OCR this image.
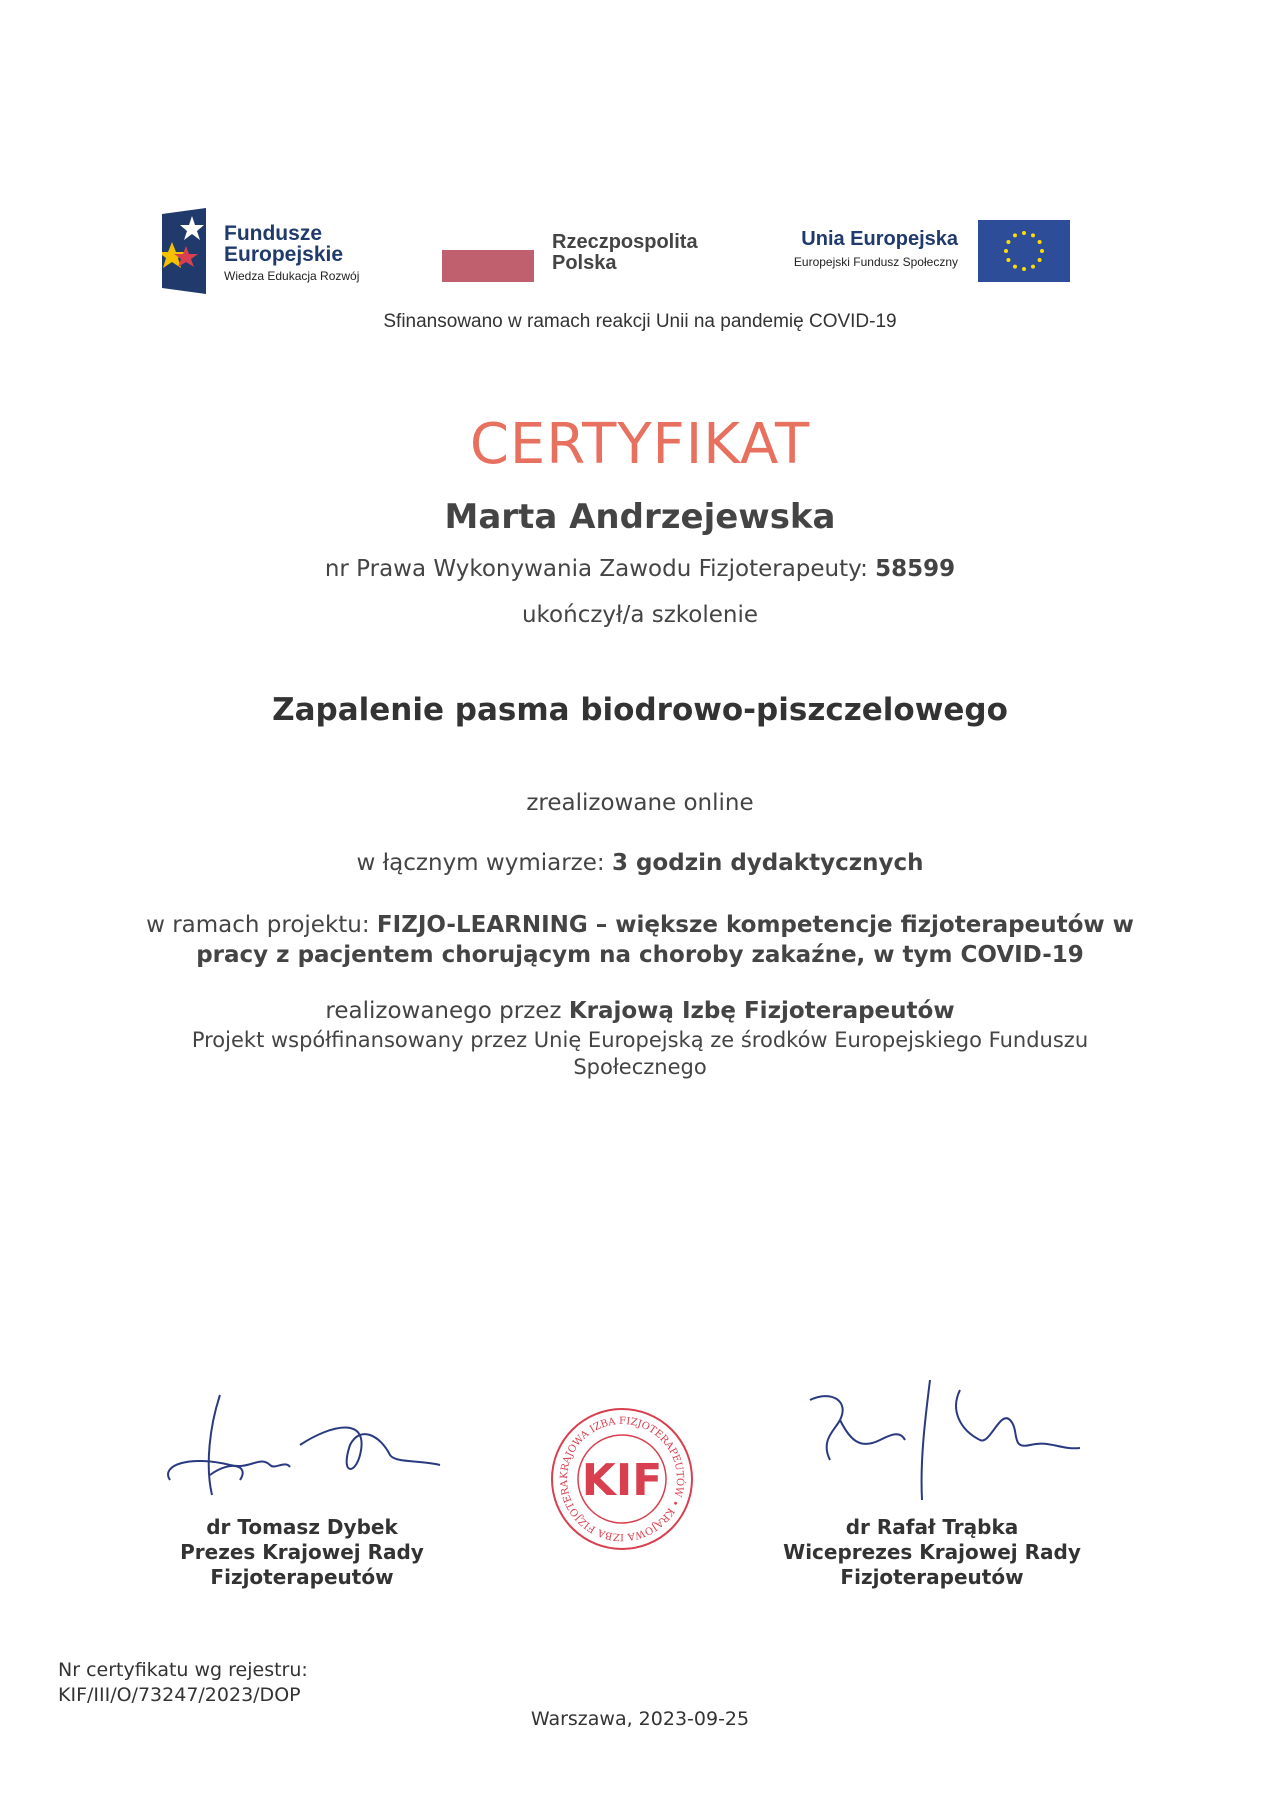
Fundusze
Europejskie
Wiedza Edukacja Rozwój
Rzeczpospolita
Polska
Unia Europejska
Europejski Fundusz Społeczny
Sfinansowano w ramach reakcji Unii na pandemię COVID-19
CERTYFIKAT
Marta Andrzejewska
nr Prawa Wykonywania Zawodu Fizjoterapeuty: 58599
ukończył/a szkolenie
Zapalenie pasma biodrowo-piszczelowego
zrealizowane online
w łącznym wymiarze: 3 godzin dydaktycznych
w ramach projektu: FIZJO-LEARNING – większe kompetencje fizjoterapeutów w
pracy z pacjentem chorującym na choroby zakaźne, w tym COVID-19
realizowanego przez Krajową Izbę Fizjoterapeutów
Projekt współfinansowany przez Unię Europejską ze środków Europejskiego Funduszu
Społecznego
KRAJOWA IZBA FIZJOTERAPEUTÓW • KRAJOWA IZBA FIZJOTERA KIF
dr Tomasz Dybek
Prezes Krajowej Rady
Fizjoterapeutów
dr Rafał Trąbka
Wiceprezes Krajowej Rady
Fizjoterapeutów
Nr certyfikatu wg rejestru:
KIF/III/O/73247/2023/DOP
Warszawa, 2023-09-25
